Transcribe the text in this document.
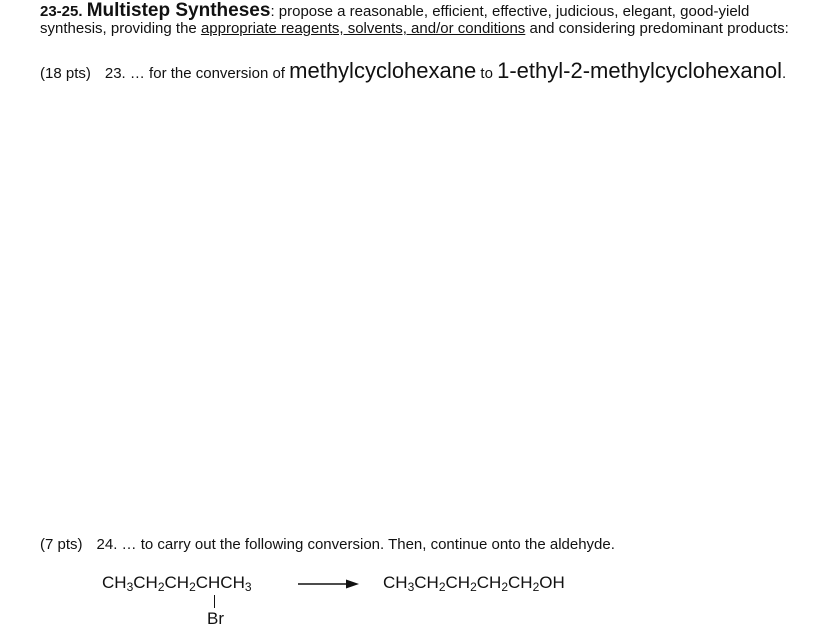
23-25. Multistep Syntheses: propose a reasonable, efficient, effective, judicious, elegant, good-yield
synthesis, providing the appropriate reagents, solvents, and/or conditions and considering predominant products:
(18 pts) 23. … for the conversion of methylcyclohexane to 1-ethyl-2-methylcyclohexanol.
(7 pts) 24. … to carry out the following conversion. Then, continue onto the aldehyde.
$CH_3CH_2CH_2CHCH_3$	→ $CH_3CH_2CH_2CH_2CH_2OH$
Br
